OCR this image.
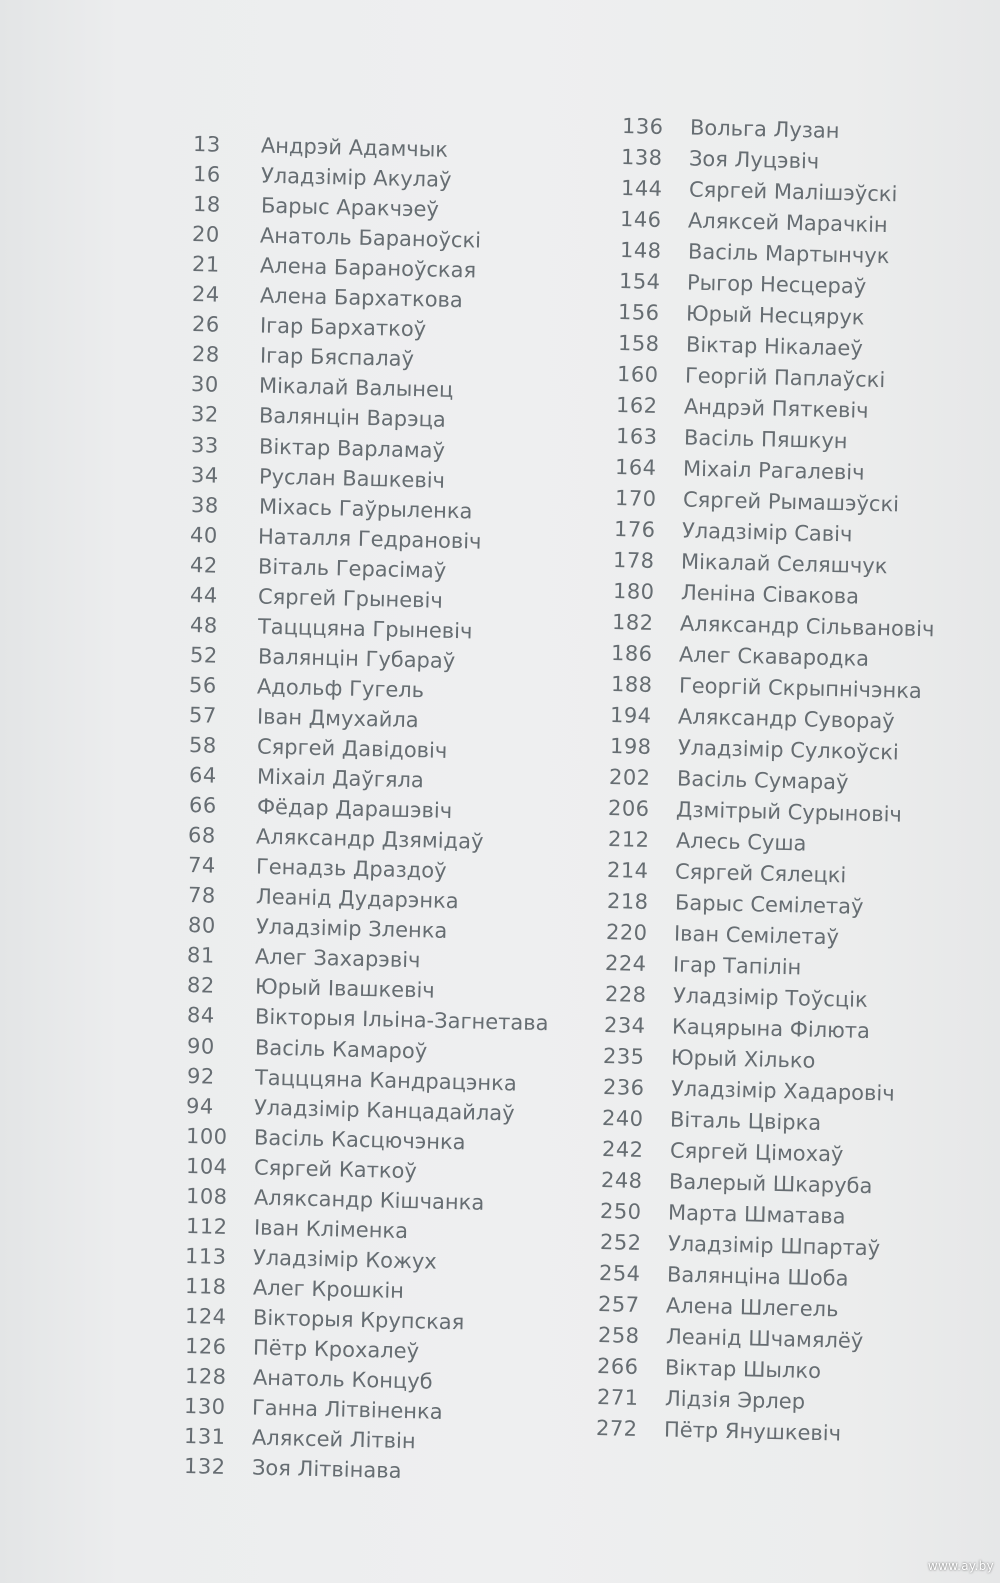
13	Андрэй Адамчык
16	Уладзімір Акулаў
18	Барыс Аракчэеў
20	Анатоль Бараноўскі
21	Алена Бараноўская
24	Алена Бархаткова
26	Ігар Бархаткоў
28	Ігар Бяспалаў
30	Мікалай Валынец
32	Валянцін Варэца
33	Віктар Варламаў
34	Руслан Вашкевіч
38	Міхась Гаўрыленка
40	Наталля Гедрановіч
42	Віталь Герасімаў
44	Сяргей Грыневіч
48	Тацццяна Грыневіч
52	Валянцін Губараў
56	Адольф Гугель
57	Іван Дмухайла
58	Сяргей Давідовіч
64	Міхаіл Даўгяла
66	Фёдар Дарашэвіч
68	Аляксандр Дзямідаў
74	Генадзь Драздоў
78	Леанід Дударэнка
80	Уладзімір Зленка
81	Алег Захарэвіч
82	Юрый Івашкевіч
84	Вікторыя Ільіна-Загнетава
90	Васіль Камароў
92	Тацццяна Кандрацэнка
94	Уладзімір Канцадайлаў
100	Васіль Касцючэнка
104	Сяргей Каткоў
108	Аляксандр Кішчанка
112	Іван Кліменка
113	Уладзімір Кожух
118	Алег Крошкін
124	Вікторыя Крупская
126	Пётр Крохалеў
128	Анатоль Концуб
130	Ганна Літвіненка
131	Аляксей Літвін
132	Зоя Літвінава
136	Вольга Лузан
138	Зоя Луцэвіч
144	Сяргей Малішэўскі
146	Аляксей Марачкін
148	Васіль Мартынчук
154	Рыгор Несцераў
156	Юрый Несцярук
158	Віктар Нікалаеў
160	Георгій Паплаўскі
162	Андрэй Пяткевіч
163	Васіль Пяшкун
164	Міхаіл Рагалевіч
170	Сяргей Рымашэўскі
176	Уладзімір Савіч
178	Мікалай Селяшчук
180	Леніна Сівакова
182	Аляксандр Сільвановіч
186	Алег Скавародка
188	Георгій Скрыпнічэнка
194	Аляксандр Сувораў
198	Уладзімір Сулкоўскі
202	Васіль Сумараў
206	Дзмітрый Сурыновіч
212	Алесь Суша
214	Сяргей Сялецкі
218	Барыс Семілетаў
220	Іван Семілетаў
224	Ігар Тапілін
228	Уладзімір Тоўсцік
234	Кацярына Філюта
235	Юрый Хілько
236	Уладзімір Хадаровіч
240	Віталь Цвірка
242	Сяргей Цімохаў
248	Валерый Шкаруба
250	Марта Шматава
252	Уладзімір Шпартаў
254	Валянціна Шоба
257	Алена Шлегель
258	Леанід Шчамялёў
266	Віктар Шылко
271	Лідзія Эрлер
272	Пётр Янушкевіч
www.ay.by
